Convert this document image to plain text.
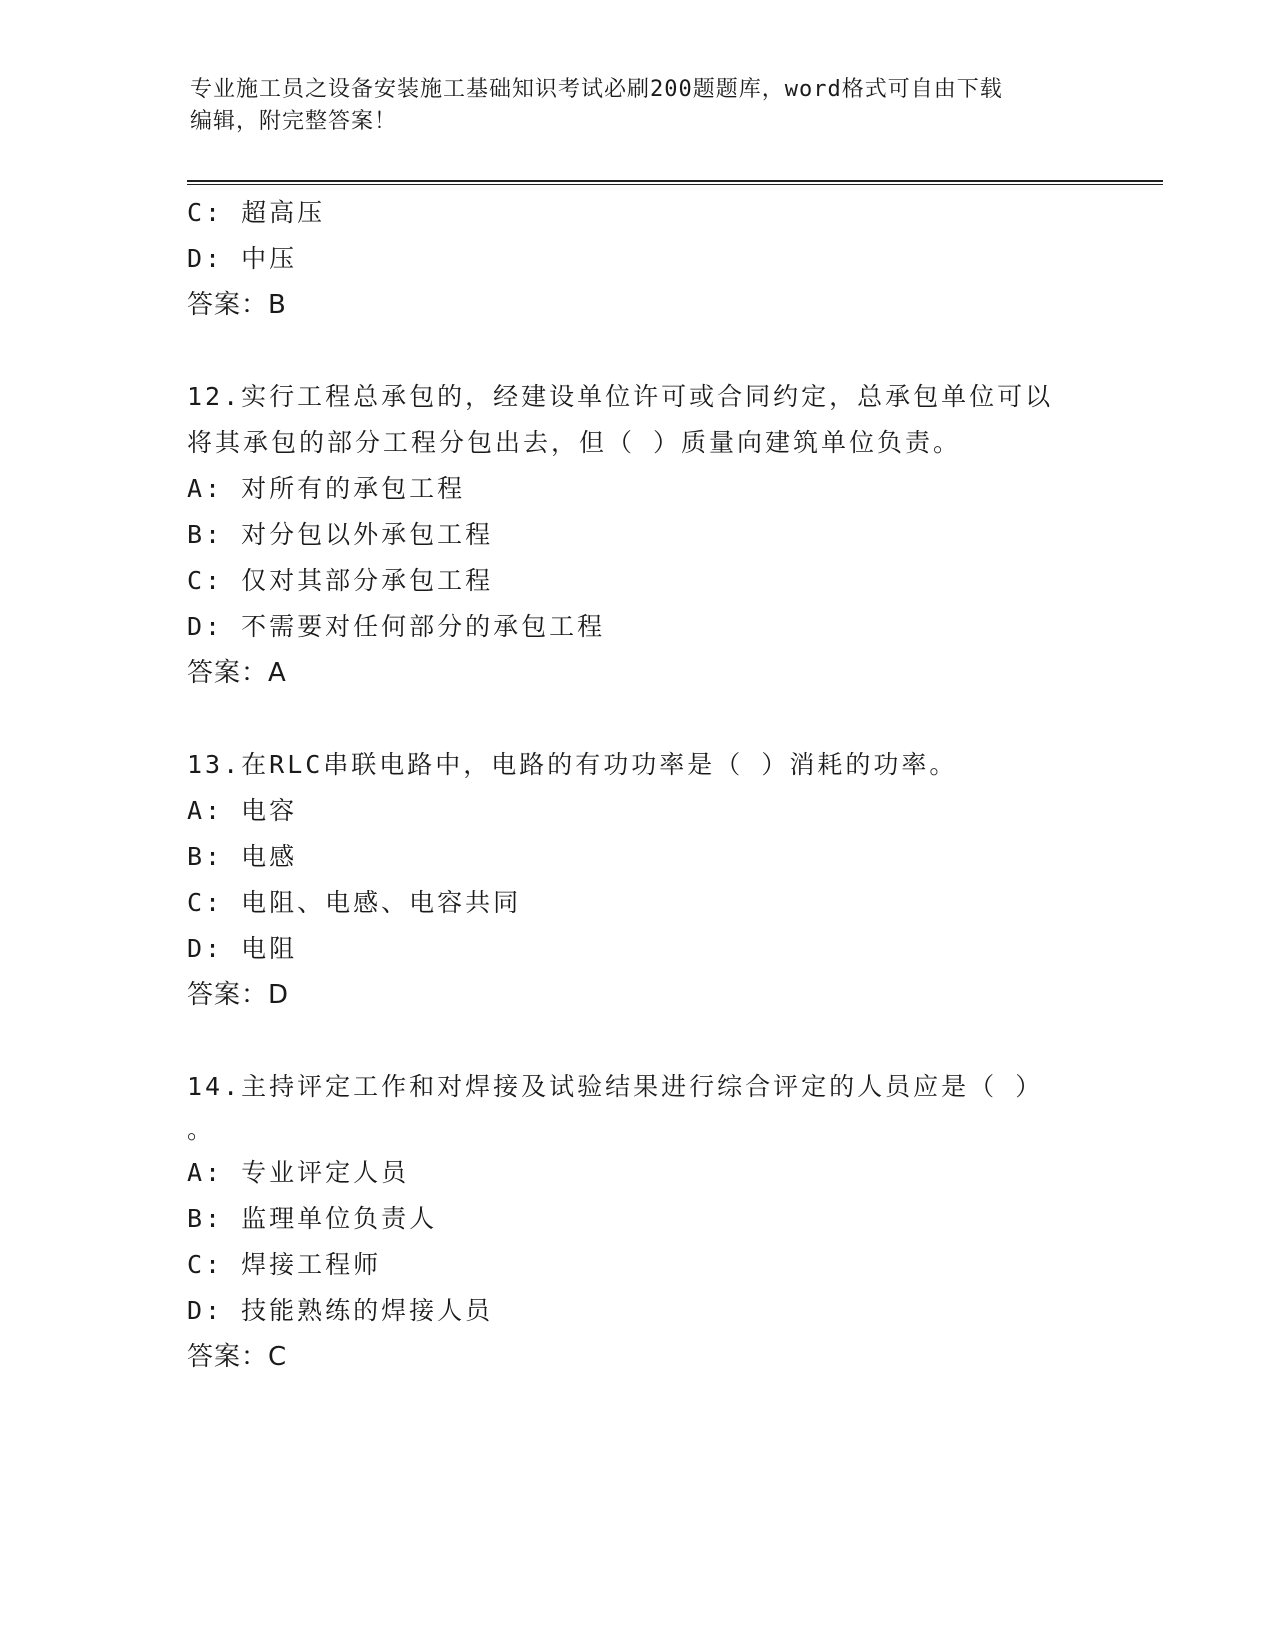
专业施工员之设备安装施工基础知识考试必刷200题题库，word格式可自由下载
编辑，附完整答案！
C: 超高压
D: 中压
答案：B
12.实行工程总承包的，经建设单位许可或合同约定，总承包单位可以
将其承包的部分工程分包出去，但（ ）质量向建筑单位负责。
A: 对所有的承包工程
B: 对分包以外承包工程
C: 仅对其部分承包工程
D: 不需要对任何部分的承包工程
答案：A
13.在RLC串联电路中，电路的有功功率是（ ）消耗的功率。
A: 电容
B: 电感
C: 电阻、电感、电容共同
D: 电阻
答案：D
14.主持评定工作和对焊接及试验结果进行综合评定的人员应是（ ）
。
A: 专业评定人员
B: 监理单位负责人
C: 焊接工程师
D: 技能熟练的焊接人员
答案：C
